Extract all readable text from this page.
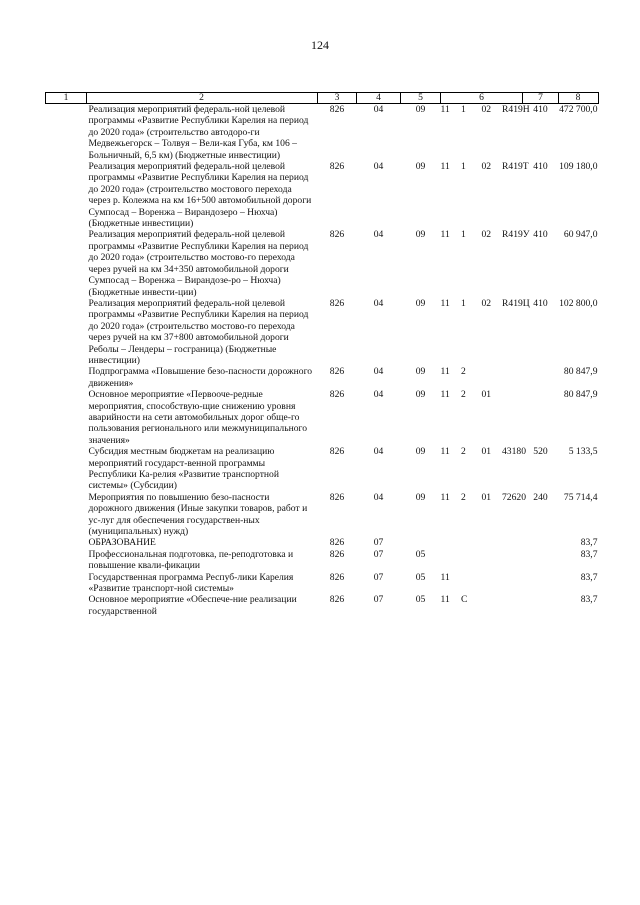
124
1	2	3	4	5	6				7	8
	Реализация мероприятий федераль-ной целевой программы «Развитие Республики Карелия на период до 2020 года» (строительство автодоро-ги Медвежьегорск – Толвуя – Вели-кая Губа, км 106 – Больничный, 6,5 км) (Бюджетные инвестиции)	826	04	09	11	1	02	R419Н	410	472 700,0
	Реализация мероприятий федераль-ной целевой программы «Развитие Республики Карелия на период до 2020 года» (строительство мостового перехода через р. Колежма на км 16+500 автомобильной дороги Сумпосад – Воренжа – Вирандозеро – Нюхча) (Бюджетные инвестиции)	826	04	09	11	1	02	R419Т	410	109 180,0
	Реализация мероприятий федераль-ной целевой программы «Развитие Республики Карелия на период до 2020 года» (строительство мостово-го перехода через ручей на км 34+350 автомобильной дороги Сумпосад – Воренжа – Вирандозе-ро – Нюхча) (Бюджетные инвести-ции)	826	04	09	11	1	02	R419У	410	60 947,0
	Реализация мероприятий федераль-ной целевой программы «Развитие Республики Карелия на период до 2020 года» (строительство мостово-го перехода через ручей на км 37+800 автомобильной дороги Реболы – Лендеры – госграница) (Бюджетные инвестиции)	826	04	09	11	1	02	R419Ц	410	102 800,0
	Подпрограмма «Повышение безо-пасности дорожного движения»	826	04	09	11	2				80 847,9
	Основное мероприятие «Первооче-редные мероприятия, способствую-щие снижению уровня аварийности на сети автомобильных дорог обще-го пользования регионального или межмуниципального значения»	826	04	09	11	2	01			80 847,9
	Субсидия местным бюджетам на реализацию мероприятий государст-венной программы Республики Ка-релия «Развитие транспортной системы» (Субсидии)	826	04	09	11	2	01	43180	520	5 133,5
	Мероприятия по повышению безо-пасности дорожного движения (Иные закупки товаров, работ и ус-луг для обеспечения государствен-ных (муниципальных) нужд)	826	04	09	11	2	01	72620	240	75 714,4
	ОБРАЗОВАНИЕ	826	07							83,7
	Профессиональная подготовка, пе-реподготовка и повышение квали-фикации	826	07	05						83,7
	Государственная программа Респуб-лики Карелия «Развитие транспорт-ной системы»	826	07	05	11					83,7
	Основное мероприятие «Обеспече-ние реализации государственной	826	07	05	11	С				83,7
